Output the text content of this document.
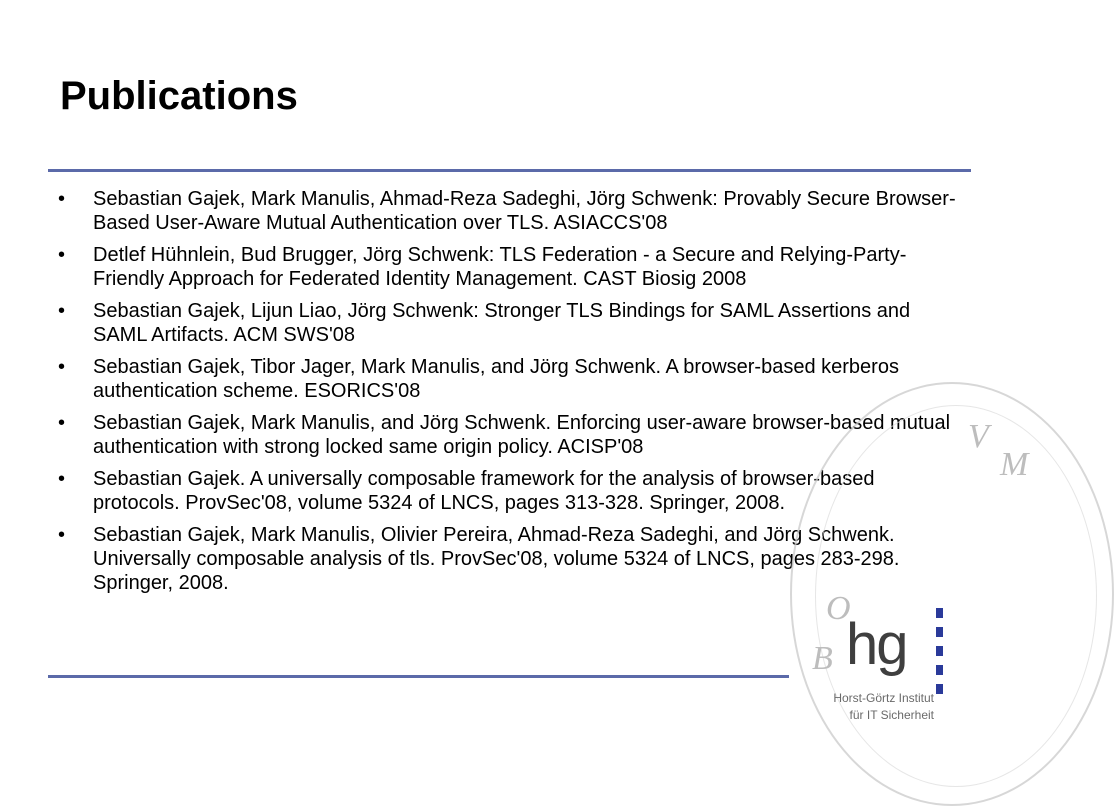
Publications
•	Sebastian Gajek, Mark Manulis, Ahmad-Reza Sadeghi, Jörg Schwenk: Provably Secure Browser-Based User-Aware Mutual Authentication over TLS. ASIACCS'08
•	Detlef Hühnlein, Bud Brugger, Jörg Schwenk: TLS Federation - a Secure and Relying-Party-Friendly Approach for Federated Identity Management. CAST Biosig 2008
•	Sebastian Gajek, Lijun Liao, Jörg Schwenk: Stronger TLS Bindings for SAML Assertions and SAML Artifacts. ACM SWS'08
•	Sebastian Gajek, Tibor Jager, Mark Manulis, and Jörg Schwenk. A browser-based kerberos authentication scheme. ESORICS'08
•	Sebastian Gajek, Mark Manulis, and Jörg Schwenk. Enforcing user-aware browser-based mutual authentication with strong locked same origin policy. ACISP'08
•	Sebastian Gajek. A universally composable framework for the analysis of browser-based protocols. ProvSec'08, volume 5324 of LNCS, pages 313-328. Springer, 2008.
•	Sebastian Gajek, Mark Manulis, Olivier Pereira, Ahmad-Reza Sadeghi, and Jörg Schwenk. Universally composable analysis of tls. ProvSec'08, volume 5324 of LNCS, pages 283-298. Springer, 2008.
V
M
B
O
hg
Horst-Görtz Institut
für IT Sicherheit
